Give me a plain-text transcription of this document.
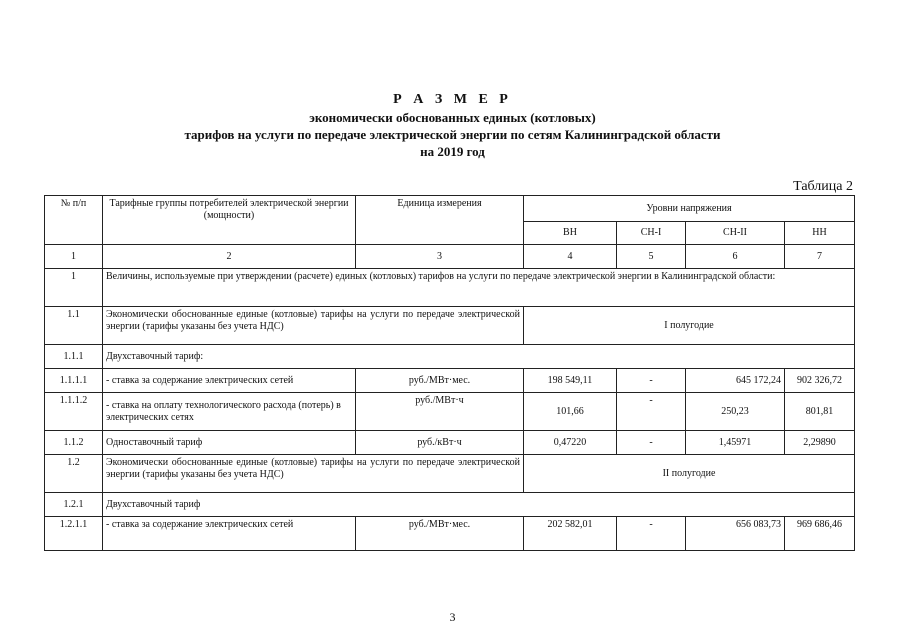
Р А З М Е Р
экономически обоснованных единых (котловых)
тарифов на услуги по передаче электрической энергии по сетям Калининградской области
на 2019 год
Таблица 2
№ п/п	Тарифные группы потребителей электрической энергии (мощности)	Единица измерения	Уровни напряжения			
			ВН	СН-I	СН-II	НН
1	2	3	4	5	6	7
1	Величины, используемые при утверждении (расчете) единых (котловых) тарифов на услуги по передаче электрической энергии в Калининградской области:					
1.1	Экономически обоснованные единые (котловые) тарифы на услуги по передаче электрической энергии (тарифы указаны без учета НДС)		I полугодие			
1.1.1	Двухставочный тариф:					
1.1.1.1	- ставка за содержание электрических сетей	руб./МВт·мес.	198 549,11	-	645 172,24	902 326,72
1.1.1.2	- ставка на оплату технологического расхода (потерь) в электрических сетях	руб./МВт·ч	101,66	-	250,23	801,81
1.1.2	Одноставочный тариф	руб./кВт·ч	0,47220	-	1,45971	2,29890
1.2	Экономически обоснованные единые (котловые) тарифы на услуги по передаче электрической энергии (тарифы указаны без учета НДС)		II полугодие			
1.2.1	Двухставочный тариф					
1.2.1.1	- ставка за содержание электрических сетей	руб./МВт·мес.	202 582,01	-	656 083,73	969 686,46
3
